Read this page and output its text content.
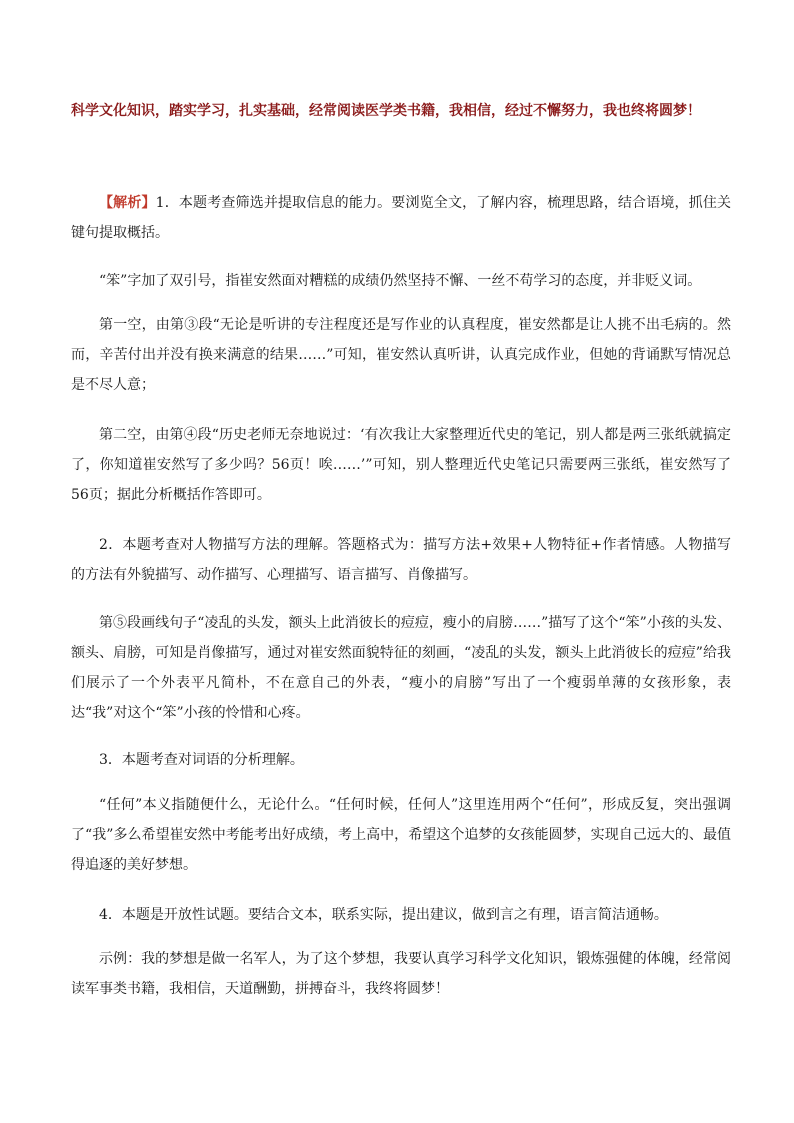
科学文化知识，踏实学习，扎实基础，经常阅读医学类书籍，我相信，经过不懈努力，我也终将圆梦！

【解析】1．本题考查筛选并提取信息的能力。要浏览全文，了解内容，梳理思路，结合语境，抓住关键句提取概括。

“笨”字加了双引号，指崔安然面对糟糕的成绩仍然坚持不懈、一丝不苟学习的态度，并非贬义词。

第一空，由第③段“无论是听讲的专注程度还是写作业的认真程度，崔安然都是让人挑不出毛病的。然而，辛苦付出并没有换来满意的结果……”可知，崔安然认真听讲，认真完成作业，但她的背诵默写情况总是不尽人意；

第二空，由第④段“历史老师无奈地说过：‘有次我让大家整理近代史的笔记，别人都是两三张纸就搞定了，你知道崔安然写了多少吗？56页！唉……’”可知，别人整理近代史笔记只需要两三张纸，崔安然写了56页；据此分析概括作答即可。

2．本题考查对人物描写方法的理解。答题格式为：描写方法+效果+人物特征+作者情感。人物描写的方法有外貌描写、动作描写、心理描写、语言描写、肖像描写。

第⑤段画线句子“凌乱的头发，额头上此消彼长的痘痘，瘦小的肩膀……”描写了这个“笨”小孩的头发、额头、肩膀，可知是肖像描写，通过对崔安然面貌特征的刻画，“凌乱的头发，额头上此消彼长的痘痘”给我们展示了一个外表平凡简朴，不在意自己的外表，“瘦小的肩膀”写出了一个瘦弱单薄的女孩形象，表达“我”对这个“笨”小孩的怜惜和心疼。

3．本题考查对词语的分析理解。

“任何”本义指随便什么，无论什么。“任何时候，任何人”这里连用两个“任何”，形成反复，突出强调了“我”多么希望崔安然中考能考出好成绩，考上高中，希望这个追梦的女孩能圆梦，实现自己远大的、最值得追逐的美好梦想。

4．本题是开放性试题。要结合文本，联系实际，提出建议，做到言之有理，语言简洁通畅。

示例：我的梦想是做一名军人，为了这个梦想，我要认真学习科学文化知识，锻炼强健的体魄，经常阅读军事类书籍，我相信，天道酬勤，拼搏奋斗，我终将圆梦！
